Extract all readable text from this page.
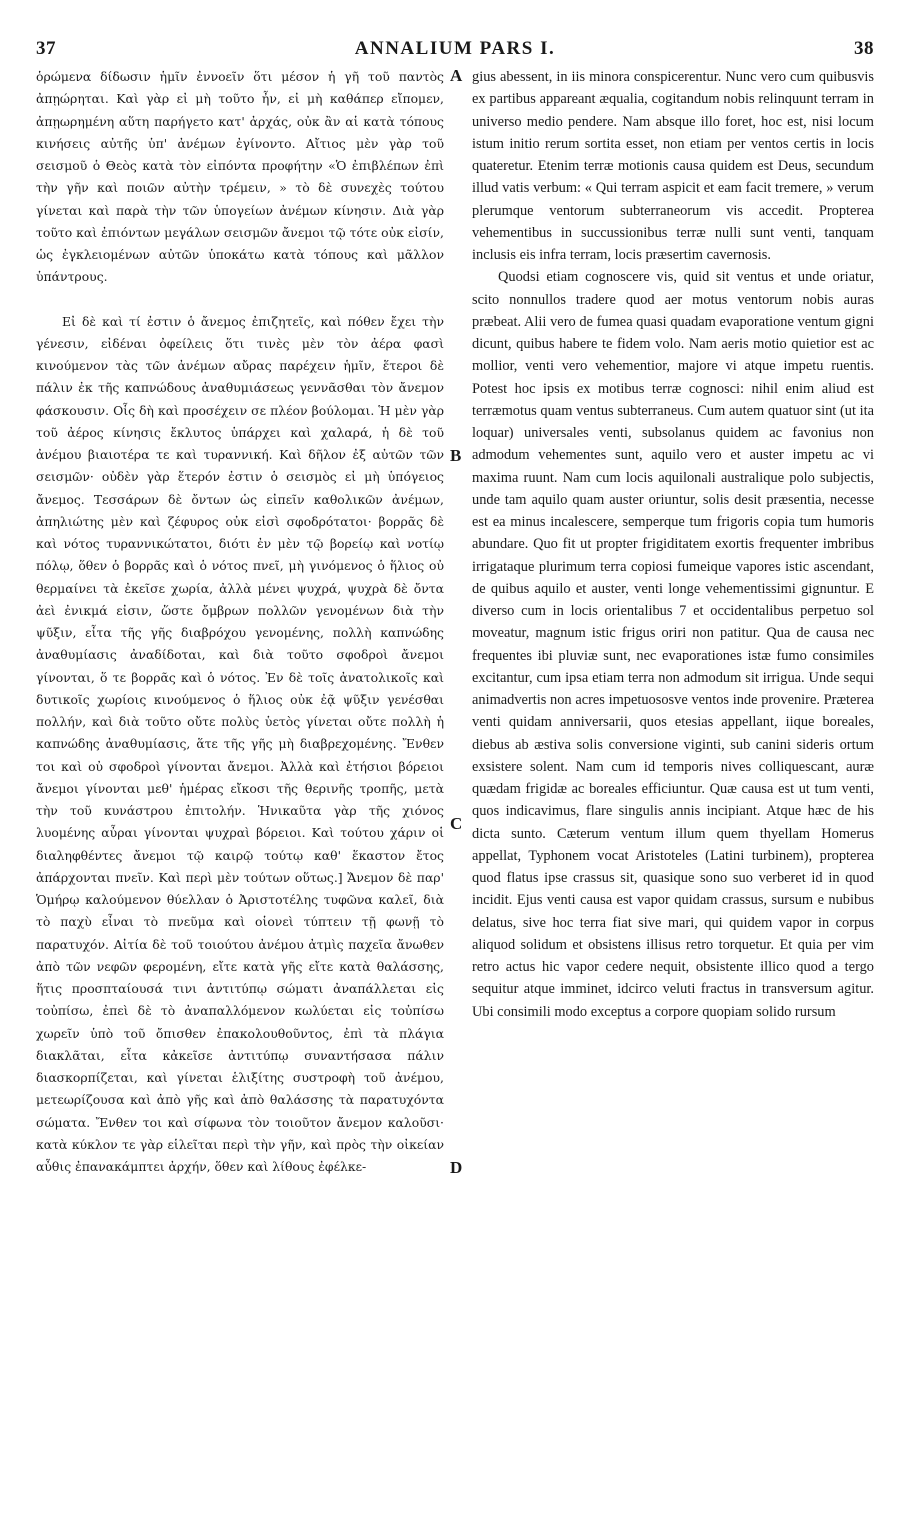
37	ANNALIUM PARS I.	38

ὁρώμενα δίδωσιν ἡμῖν ἐννοεῖν ὅτι μέσον ἡ γῆ τοῦ παντὸς ἀπῃώρηται. Καὶ γὰρ εἰ μὴ τοῦτο ἦν, εἰ μὴ καθάπερ εἴπομεν, ἀπῃωρημένη αὕτη παρήγετο κατ' ἀρχάς, οὐκ ἂν αἱ κατὰ τόπους κινήσεις αὐτῆς ὑπ' ἀνέμων ἐγίνοντο. Αἴτιος μὲν γὰρ τοῦ σεισμοῦ ὁ Θεὸς κατὰ τὸν εἰπόντα προφήτην «Ὁ ἐπιβλέπων ἐπὶ τὴν γῆν καὶ ποιῶν αὐτὴν τρέμειν, » τὸ δὲ συνεχὲς τούτου γίνεται καὶ παρὰ τὴν τῶν ὑπογείων ἀνέμων κίνησιν. Διὰ γὰρ τοῦτο καὶ ἐπιόντων μεγάλων σεισμῶν ἄνεμοι τῷ τότε οὐκ εἰσίν, ὡς ἐγκλειομένων αὐτῶν ὑποκάτω κατὰ τόπους καὶ μᾶλλον ὑπάντρους.

Εἰ δὲ καὶ τί ἐστιν ὁ ἄνεμος ἐπιζητεῖς, καὶ πόθεν ἔχει τὴν γένεσιν, εἰδέναι ὀφείλεις ὅτι τινὲς μὲν τὸν ἀέρα φασὶ κινούμενον τὰς τῶν ἀνέμων αὔρας παρέχειν ἡμῖν, ἕτεροι δὲ πάλιν ἐκ τῆς καπνώδους ἀναθυμιάσεως γεννᾶσθαι τὸν ἄνεμον φάσκουσιν. Οἷς δὴ καὶ προσέχειν σε πλέον βούλομαι. Ἡ μὲν γὰρ τοῦ ἀέρος κίνησις ἔκλυτος ὑπάρχει καὶ χαλαρά, ἡ δὲ τοῦ ἀνέμου βιαιοτέρα τε καὶ τυραννική. Καὶ δῆλον ἐξ αὐτῶν τῶν σεισμῶν· οὐδὲν γὰρ ἕτερόν ἐστιν ὁ σεισμὸς εἰ μὴ ὑπόγειος ἄνεμος. Τεσσάρων δὲ ὄντων ὡς εἰπεῖν καθολικῶν ἀνέμων, ἀπηλιώτης μὲν καὶ ζέφυρος οὐκ εἰσὶ σφοδρότατοι· βορρᾶς δὲ καὶ νότος τυραννικώτατοι, διότι ἐν μὲν τῷ βορείῳ καὶ νοτίῳ πόλῳ, ὅθεν ὁ βορρᾶς καὶ ὁ νότος πνεῖ, μὴ γινόμενος ὁ ἥλιος οὐ θερμαίνει τὰ ἐκεῖσε χωρία, ἀλλὰ μένει ψυχρά, ψυχρὰ δὲ ὄντα ἀεὶ ἐνικμά εἰσιν, ὥστε ὄμβρων πολλῶν γενομένων διὰ τὴν ψῦξιν, εἶτα τῆς γῆς διαβρόχου γενομένης, πολλὴ καπνώδης ἀναθυμίασις ἀναδίδοται, καὶ διὰ τοῦτο σφοδροὶ ἄνεμοι γίνονται, ὅ τε βορρᾶς καὶ ὁ νότος. Ἐν δὲ τοῖς ἀνατολικοῖς καὶ δυτικοῖς χωρίοις κινούμενος ὁ ἥλιος οὐκ ἐᾷ ψῦξιν γενέσθαι πολλήν, καὶ διὰ τοῦτο οὔτε πολὺς ὑετὸς γίνεται οὔτε πολλὴ ἡ καπνώδης ἀναθυμίασις, ἅτε τῆς γῆς μὴ διαβρεχομένης. Ἔνθεν τοι καὶ οὐ σφοδροὶ γίνονται ἄνεμοι. Ἀλλὰ καὶ ἐτήσιοι βόρειοι ἄνεμοι γίνονται μεθ' ἡμέρας εἴκοσι τῆς θερινῆς τροπῆς, μετὰ τὴν τοῦ κυνάστρου ἐπιτολήν. Ἡνικαῦτα γὰρ τῆς χιόνος λυομένης αὖραι γίνονται ψυχραὶ βόρειοι. Καὶ τούτου χάριν οἱ διαληφθέντες ἄνεμοι τῷ καιρῷ τούτῳ καθ' ἕκαστον ἔτος ἀπάρχονται πνεῖν. Καὶ περὶ μὲν τούτων οὕτως.] Ἄνεμον δὲ παρ' Ὁμήρῳ καλούμενον θύελλαν ὁ Ἀριστοτέλης τυφῶνα καλεῖ, διὰ τὸ παχὺ εἶναι τὸ πνεῦμα καὶ οἱονεὶ τύπτειν τῇ φωνῇ τὸ παρατυχόν. Αἰτία δὲ τοῦ τοιούτου ἀνέμου ἀτμὶς παχεῖα ἄνωθεν ἀπὸ τῶν νεφῶν φερομένη, εἴτε κατὰ γῆς εἴτε κατὰ θαλάσσης, ἥτις προσπταίουσά τινι ἀντιτύπῳ σώματι ἀναπάλλεται εἰς τοὐπίσω, ἐπεὶ δὲ τὸ ἀναπαλλόμενον κωλύεται εἰς τοὐπίσω χωρεῖν ὑπὸ τοῦ ὄπισθεν ἐπακολουθοῦντος, ἐπὶ τὰ πλάγια διακλᾶται, εἶτα κἀκεῖσε ἀντιτύπῳ συναντήσασα πάλιν διασκορπίζεται, καὶ γίνεται ἑλιξίτης συστροφὴ τοῦ ἀνέμου, μετεωρίζουσα καὶ ἀπὸ γῆς καὶ ἀπὸ θαλάσσης τὰ παρατυχόντα σώματα. Ἔνθεν τοι καὶ σίφωνα τὸν τοιοῦτον ἄνεμον καλοῦσι· κατὰ κύκλον τε γὰρ εἱλεῖται περὶ τὴν γῆν, καὶ πρὸς τὴν οἰκείαν αὖθις ἐπανακάμπτει ἀρχήν, ὅθεν καὶ λίθους ἐφέλκε-

A
B
C
D

gius abessent, in iis minora conspicerentur. Nunc vero cum quibusvis ex partibus appareant æqualia, cogitandum nobis relinquunt terram in universo medio pendere. Nam absque illo foret, hoc est, nisi locum istum initio rerum sortita esset, non etiam per ventos certis in locis quateretur. Etenim terræ motionis causa quidem est Deus, secundum illud vatis verbum: « Qui terram aspicit et eam facit tremere, » verum plerumque ventorum subterraneorum vis accedit. Propterea vehementibus in succussionibus terræ nulli sunt venti, tanquam inclusis eis infra terram, locis præsertim cavernosis.

Quodsi etiam cognoscere vis, quid sit ventus et unde oriatur, scito nonnullos tradere quod aer motus ventorum nobis auras præbeat. Alii vero de fumea quasi quadam evaporatione ventum gigni dicunt, quibus habere te fidem volo. Nam aeris motio quietior est ac mollior, venti vero vehementior, majore vi atque impetu ruentis. Potest hoc ipsis ex motibus terræ cognosci: nihil enim aliud est terræmotus quam ventus subterraneus. Cum autem quatuor sint (ut ita loquar) universales venti, subsolanus quidem ac favonius non admodum vehementes sunt, aquilo vero et auster impetu ac vi maxima ruunt. Nam cum locis aquilonali australique polo subjectis, unde tam aquilo quam auster oriuntur, solis desit præsentia, necesse est ea minus incalescere, semperque tum frigoris copia tum humoris abundare. Quo fit ut propter frigiditatem exortis frequenter imbribus irrigataque plurimum terra copiosi fumeique vapores istic ascendant, de quibus aquilo et auster, venti longe vehementissimi gignuntur. E diverso cum in locis orientalibus 7 et occidentalibus perpetuo sol moveatur, magnum istic frigus oriri non patitur. Qua de causa nec frequentes ibi pluviæ sunt, nec evaporationes istæ fumo consimiles excitantur, cum ipsa etiam terra non admodum sit irrigua. Unde sequi animadvertis non acres impetuososve ventos inde provenire. Præterea venti quidam anniversarii, quos etesias appellant, iique boreales, diebus ab æstiva solis conversione viginti, sub canini sideris ortum exsistere solent. Nam cum id temporis nives colliquescant, auræ quædam frigidæ ac boreales efficiuntur. Quæ causa est ut tum venti, quos indicavimus, flare singulis annis incipiant. Atque hæc de his dicta sunto. Cæterum ventum illum quem thyellam Homerus appellat, Typhonem vocat Aristoteles (Latini turbinem), propterea quod flatus ipse crassus sit, quasique sono suo verberet id in quod incidit. Ejus venti causa est vapor quidam crassus, sursum e nubibus delatus, sive hoc terra fiat sive mari, qui quidem vapor in corpus aliquod solidum et obsistens illisus retro torquetur. Et quia per vim retro actus hic vapor cedere nequit, obsistente illico quod a tergo sequitur atque imminet, idcirco veluti fractus in transversum agitur. Ubi consimili modo exceptus a corpore quopiam solido rursum
